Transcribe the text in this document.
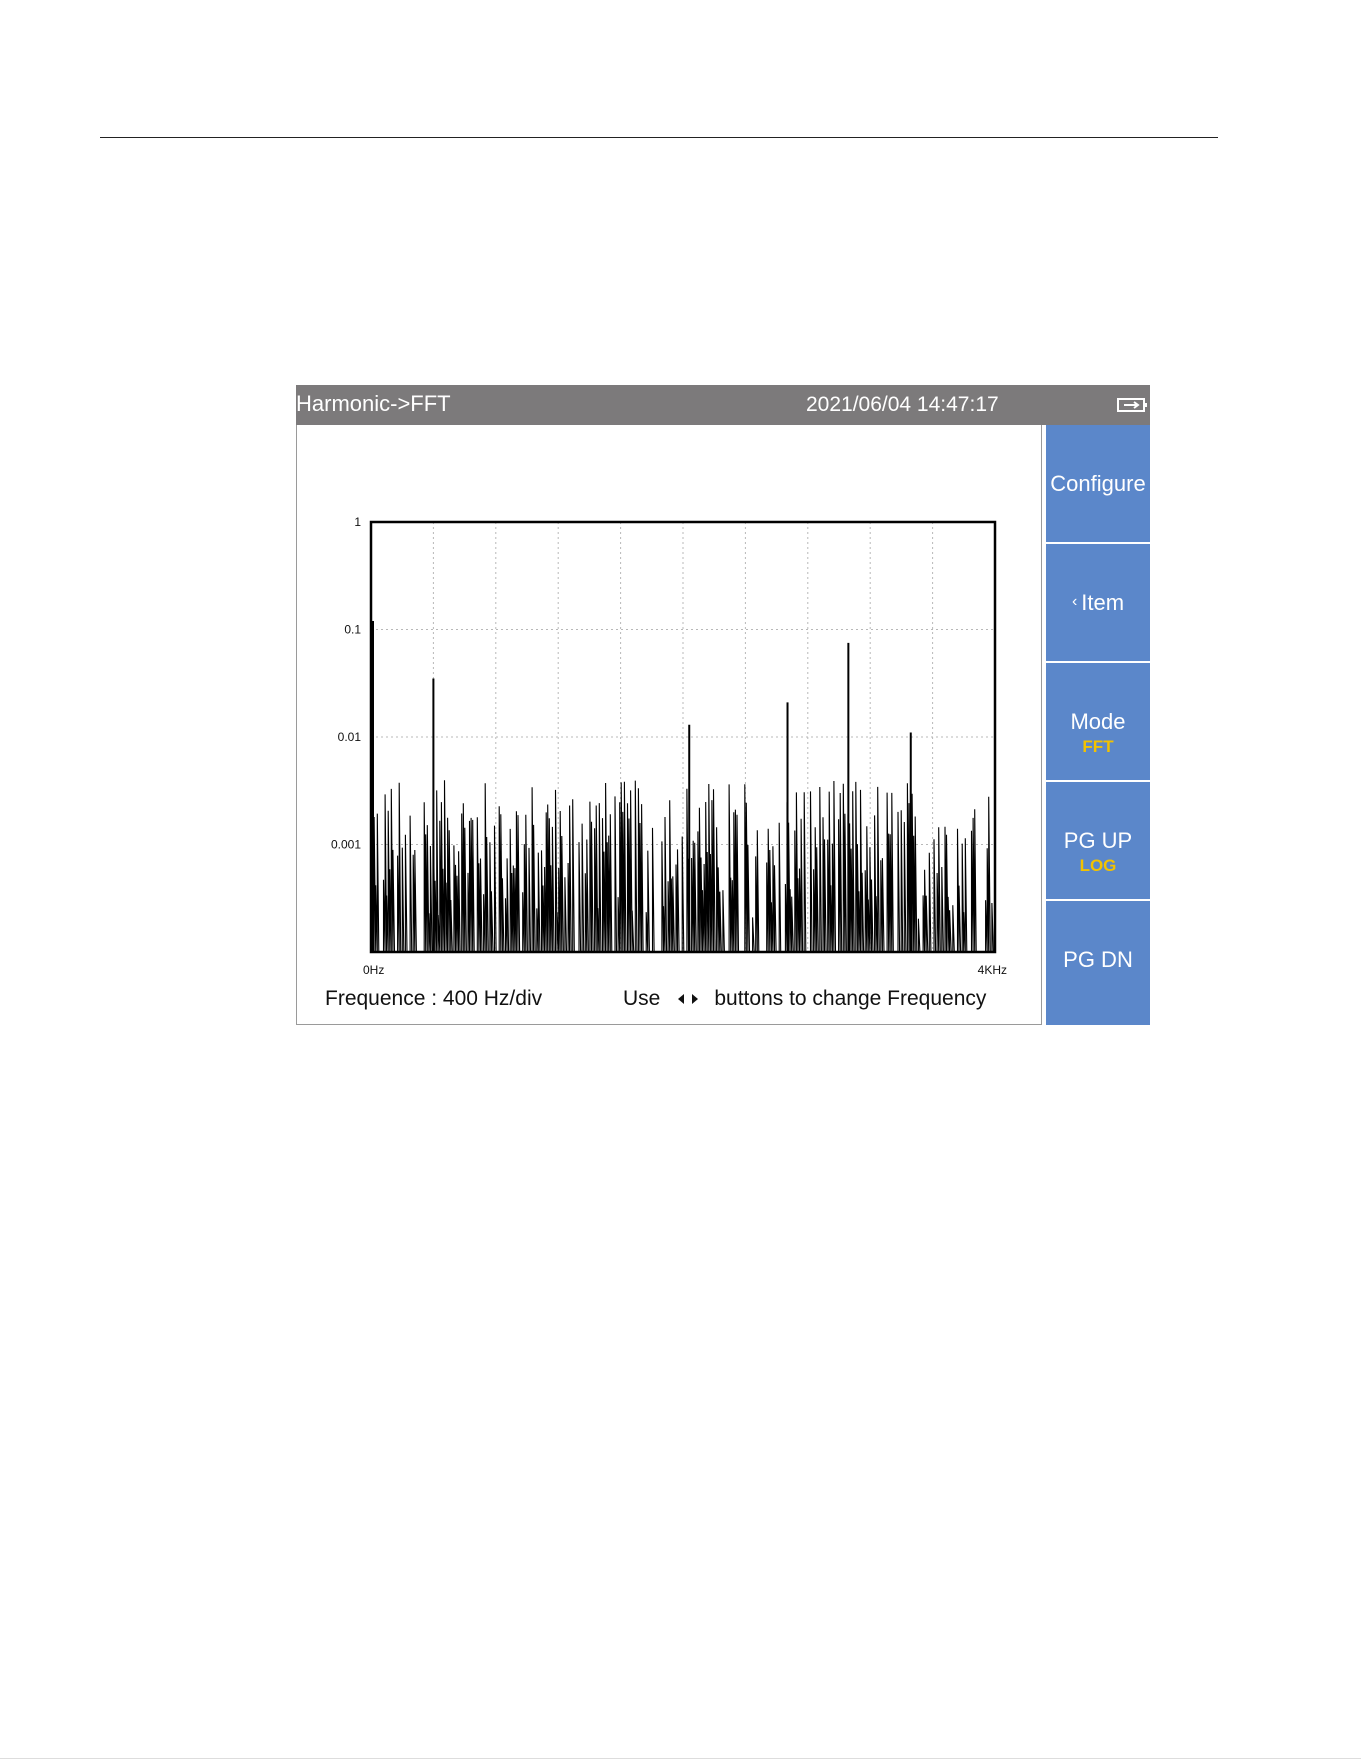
Harmonic->FFT	2021/06/04 14:47:17
1
0.1
0.01
0.001
0Hz	4KHz
Frequence : 400 Hz/div	Use	buttons to change Frequency
Configure
‹ Item
Mode
FFT
PG UP
LOG
PG DN
